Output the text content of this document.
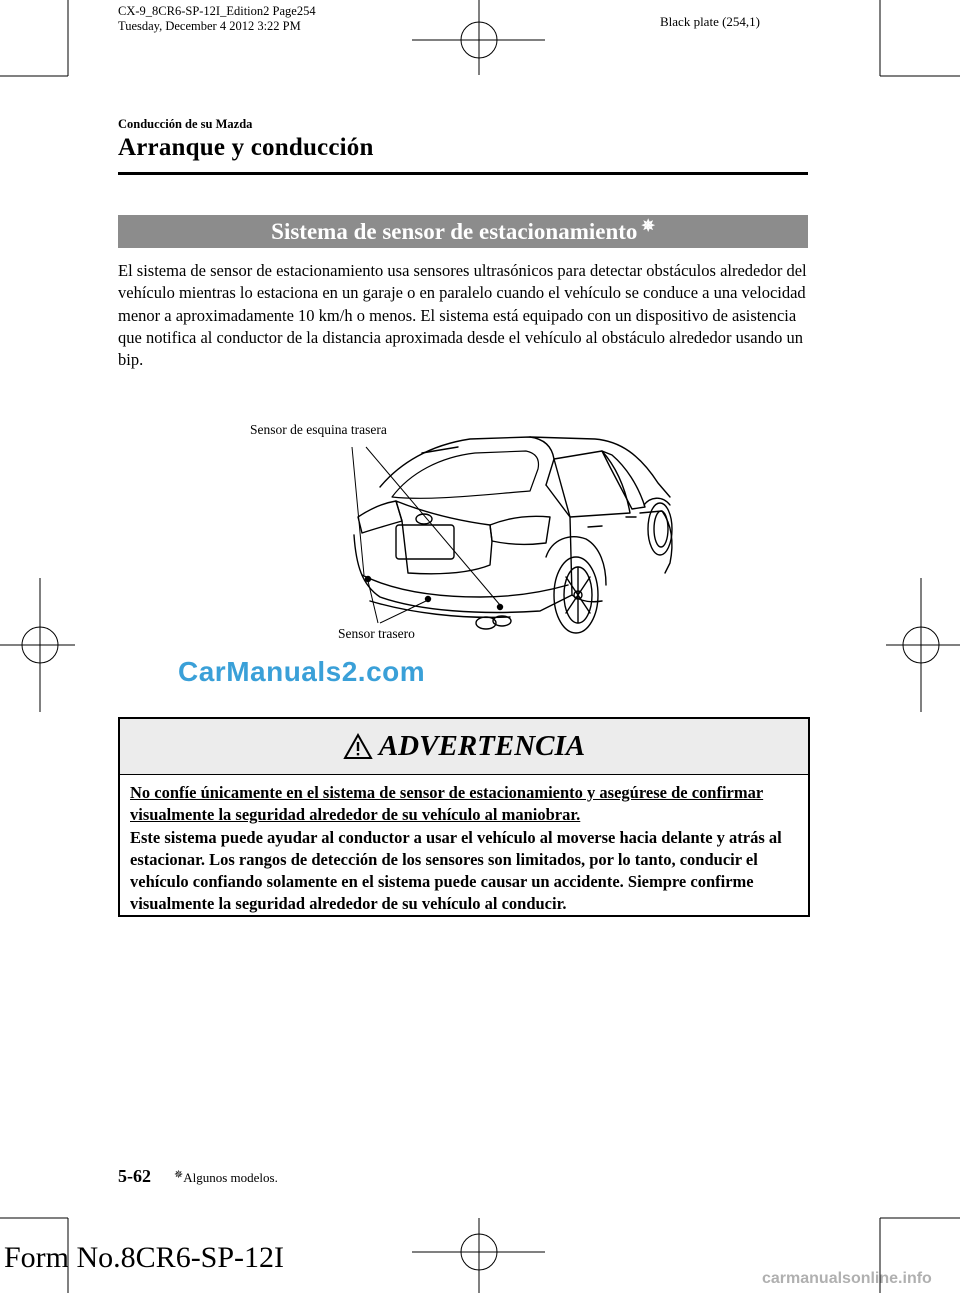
CX-9_8CR6-SP-12I_Edition2 Page254
Tuesday, December 4 2012 3:22 PM	Black plate (254,1)
Conducción de su Mazda
Arranque y conducción
Sistema de sensor de estacionamiento ✵
El sistema de sensor de estacionamiento usa sensores ultrasónicos para detectar obstáculos alrededor del vehículo mientras lo estaciona en un garaje o en paralelo cuando el vehículo se conduce a una velocidad menor a aproximadamente 10 km/h o menos. El sistema está equipado con un dispositivo de asistencia que notifica al conductor de la distancia aproximada desde el vehículo al obstáculo alrededor usando un bip.
Sensor de esquina trasera
Sensor trasero
CarManuals2.com
ADVERTENCIA
No confíe únicamente en el sistema de sensor de estacionamiento y asegúrese de confirmar visualmente la seguridad alrededor de su vehículo al maniobrar.
Este sistema puede ayudar al conductor a usar el vehículo al moverse hacia delante y atrás al estacionar. Los rangos de detección de los sensores son limitados, por lo tanto, conducir el vehículo confiando solamente en el sistema puede causar un accidente. Siempre confirme visualmente la seguridad alrededor de su vehículo al conducir.
5-62 ✵Algunos modelos.
Form No.8CR6-SP-12I
carmanualsonline.info
